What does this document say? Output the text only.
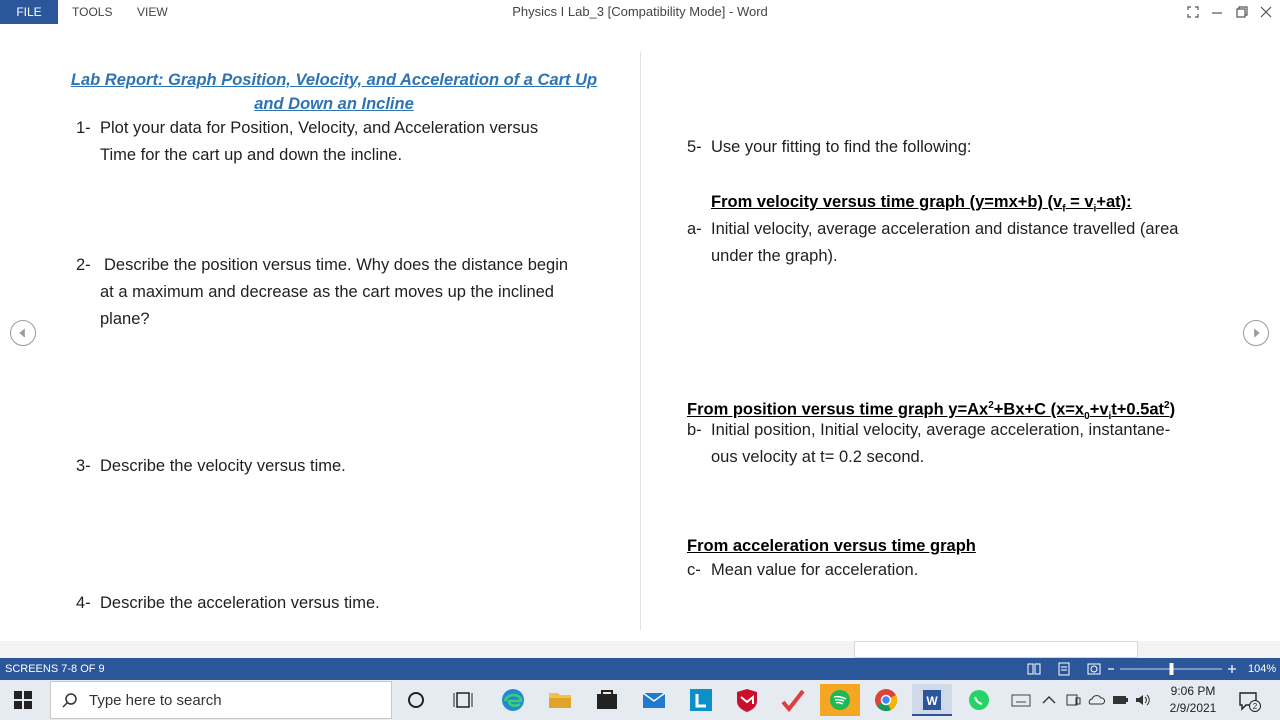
FILE	TOOLS VIEW	Physics I Lab_3 [Compatibility Mode] - Word
Lab Report: Graph Position, Velocity, and Acceleration of a Cart Up
and Down an Incline
1- Plot your data for Position, Velocity, and Acceleration versus
Time for the cart up and down the incline.
2- Describe the position versus time. Why does the distance begin
at a maximum and decrease as the cart moves up the inclined
plane?
3- Describe the velocity versus time.
4- Describe the acceleration versus time.
5- Use your fitting to find the following:
From velocity versus time graph (y=mx+b) $(v_f = v_i+at)$:
a- Initial velocity, average acceleration and distance travelled (area
under the graph).
From position versus time graph $y=Ax^2+Bx+C$ $(x=x_0+v_it+0.5at^2)$
b- Initial position, Initial velocity, average acceleration, instantane-
ous velocity at t= 0.2 second.
From acceleration versus time graph
c- Mean value for acceleration.
SCREENS 7-8 OF 9	104%
Type here to search	W
9:06 PM
2/9/2021	2
